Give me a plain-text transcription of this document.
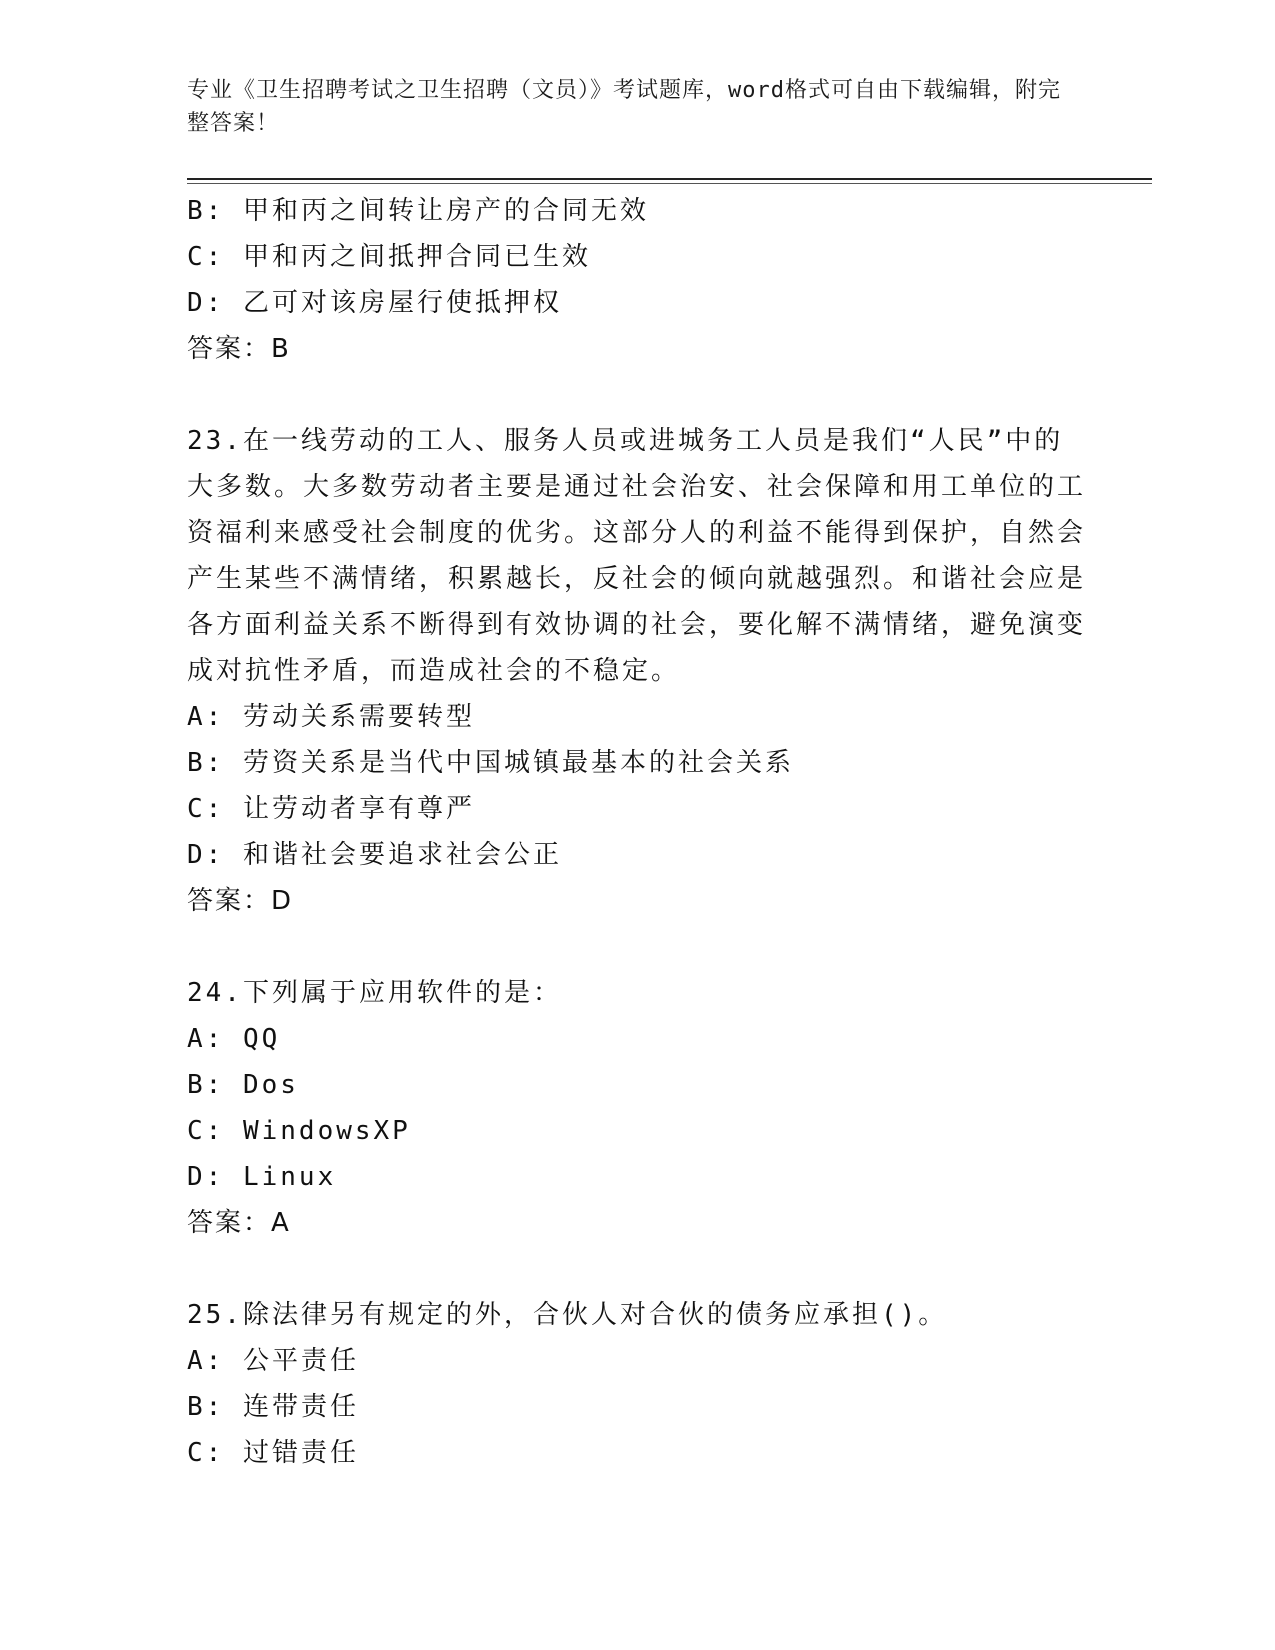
专业《卫生招聘考试之卫生招聘（文员）》考试题库，word格式可自由下载编辑，附完整答案！
B: 甲和丙之间转让房产的合同无效
C: 甲和丙之间抵押合同已生效
D: 乙可对该房屋行使抵押权
答案：B
23.在一线劳动的工人、服务人员或进城务工人员是我们“人民”中的大多数。大多数劳动者主要是通过社会治安、社会保障和用工单位的工资福利来感受社会制度的优劣。这部分人的利益不能得到保护，自然会产生某些不满情绪，积累越长，反社会的倾向就越强烈。和谐社会应是各方面利益关系不断得到有效协调的社会，要化解不满情绪，避免演变成对抗性矛盾，而造成社会的不稳定。
A: 劳动关系需要转型
B: 劳资关系是当代中国城镇最基本的社会关系
C: 让劳动者享有尊严
D: 和谐社会要追求社会公正
答案：D
24.下列属于应用软件的是：
A: QQ
B: Dos
C: WindowsXP
D: Linux
答案：A
25.除法律另有规定的外，合伙人对合伙的债务应承担()。
A: 公平责任
B: 连带责任
C: 过错责任
